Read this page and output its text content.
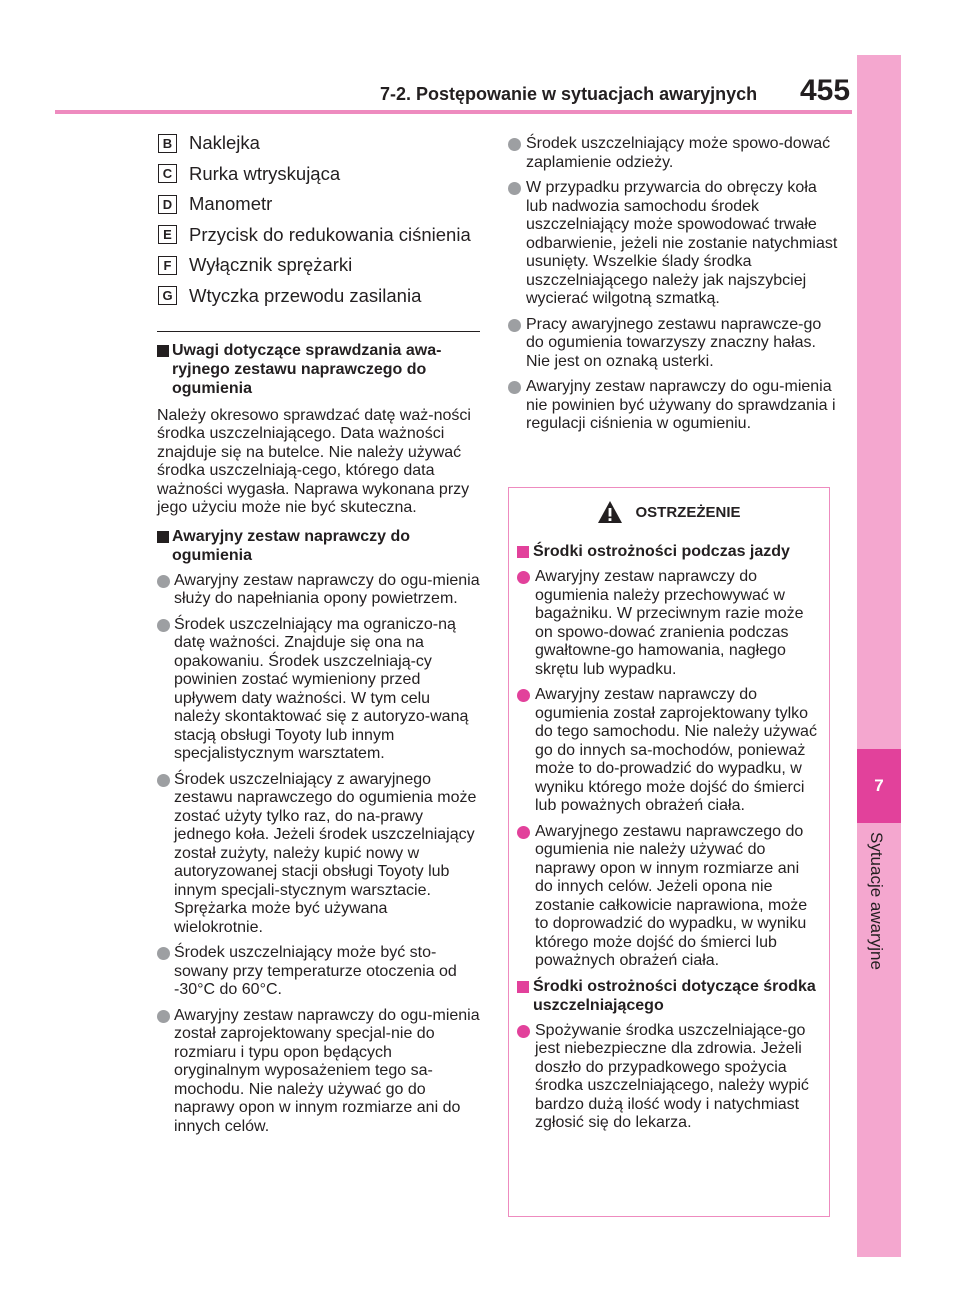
7-2. Postępowanie w sytuacjach awaryjnych 455
7
Sytuacje awaryjne
B Naklejka
C Rurka wtryskująca
D Manometr
E Przycisk do redukowania ciśnienia
F Wyłącznik sprężarki
G Wtyczka przewodu zasilania
Uwagi dotyczące sprawdzania awa-ryjnego zestawu naprawczego do ogumienia
Należy okresowo sprawdzać datę waż-ności środka uszczelniającego. Data ważności znajduje się na butelce. Nie należy używać środka uszczelniają-cego, którego data ważności wygasła. Naprawa wykonana przy jego użyciu może nie być skuteczna.
Awaryjny zestaw naprawczy do ogumienia
Awaryjny zestaw naprawczy do ogu-mienia służy do napełniania opony powietrzem.
Środek uszczelniający ma ograniczo-ną datę ważności. Znajduje się ona na opakowaniu. Środek uszczelniają-cy powinien zostać wymieniony przed upływem daty ważności. W tym celu należy skontaktować się z autoryzo-waną stacją obsługi Toyoty lub innym specjalistycznym warsztatem.
Środek uszczelniający z awaryjnego zestawu naprawczego do ogumienia może zostać użyty tylko raz, do na-prawy jednego koła. Jeżeli środek uszczelniający został zużyty, należy kupić nowy w autoryzowanej stacji obsługi Toyoty lub innym specjali-stycznym warsztacie. Sprężarka może być używana wielokrotnie.
Środek uszczelniający może być sto-sowany przy temperaturze otoczenia od -30°C do 60°C.
Awaryjny zestaw naprawczy do ogu-mienia został zaprojektowany specjal-nie do rozmiaru i typu opon będących oryginalnym wyposażeniem tego sa-mochodu. Nie należy używać go do naprawy opon w innym rozmiarze ani do innych celów.
Środek uszczelniający może spowo-dować zaplamienie odzieży.
W przypadku przywarcia do obręczy koła lub nadwozia samochodu środek uszczelniający może spowodować trwałe odbarwienie, jeżeli nie zostanie natychmiast usunięty. Wszelkie ślady środka uszczelniającego należy jak najszybciej wycierać wilgotną szmatką.
Pracy awaryjnego zestawu naprawcze-go do ogumienia towarzyszy znaczny hałas. Nie jest on oznaką usterki.
Awaryjny zestaw naprawczy do ogu-mienia nie powinien być używany do sprawdzania i regulacji ciśnienia w ogumieniu.
OSTRZEŻENIE
Środki ostrożności podczas jazdy
Awaryjny zestaw naprawczy do ogumienia należy przechowywać w bagażniku. W przeciwnym razie może on spowo-dować zranienia podczas gwałtowne-go hamowania, nagłego skrętu lub wypadku.
Awaryjny zestaw naprawczy do ogumienia został zaprojektowany tylko do tego samochodu. Nie należy używać go do innych sa-mochodów, ponieważ może to do-prowadzić do wypadku, w wyniku którego może dojść do śmierci lub poważnych obrażeń ciała.
Awaryjnego zestawu naprawczego do ogumienia nie należy używać do naprawy opon w innym rozmiarze ani do innych celów. Jeżeli opona nie zostanie całkowicie naprawiona, może to doprowadzić do wypadku, w wyniku którego może dojść do śmierci lub poważnych obrażeń ciała.
Środki ostrożności dotyczące środka uszczelniającego
Spożywanie środka uszczelniające-go jest niebezpieczne dla zdrowia. Jeżeli doszło do przypadkowego spożycia środka uszczelniającego, należy wypić bardzo dużą ilość wody i natychmiast zgłosić się do lekarza.
